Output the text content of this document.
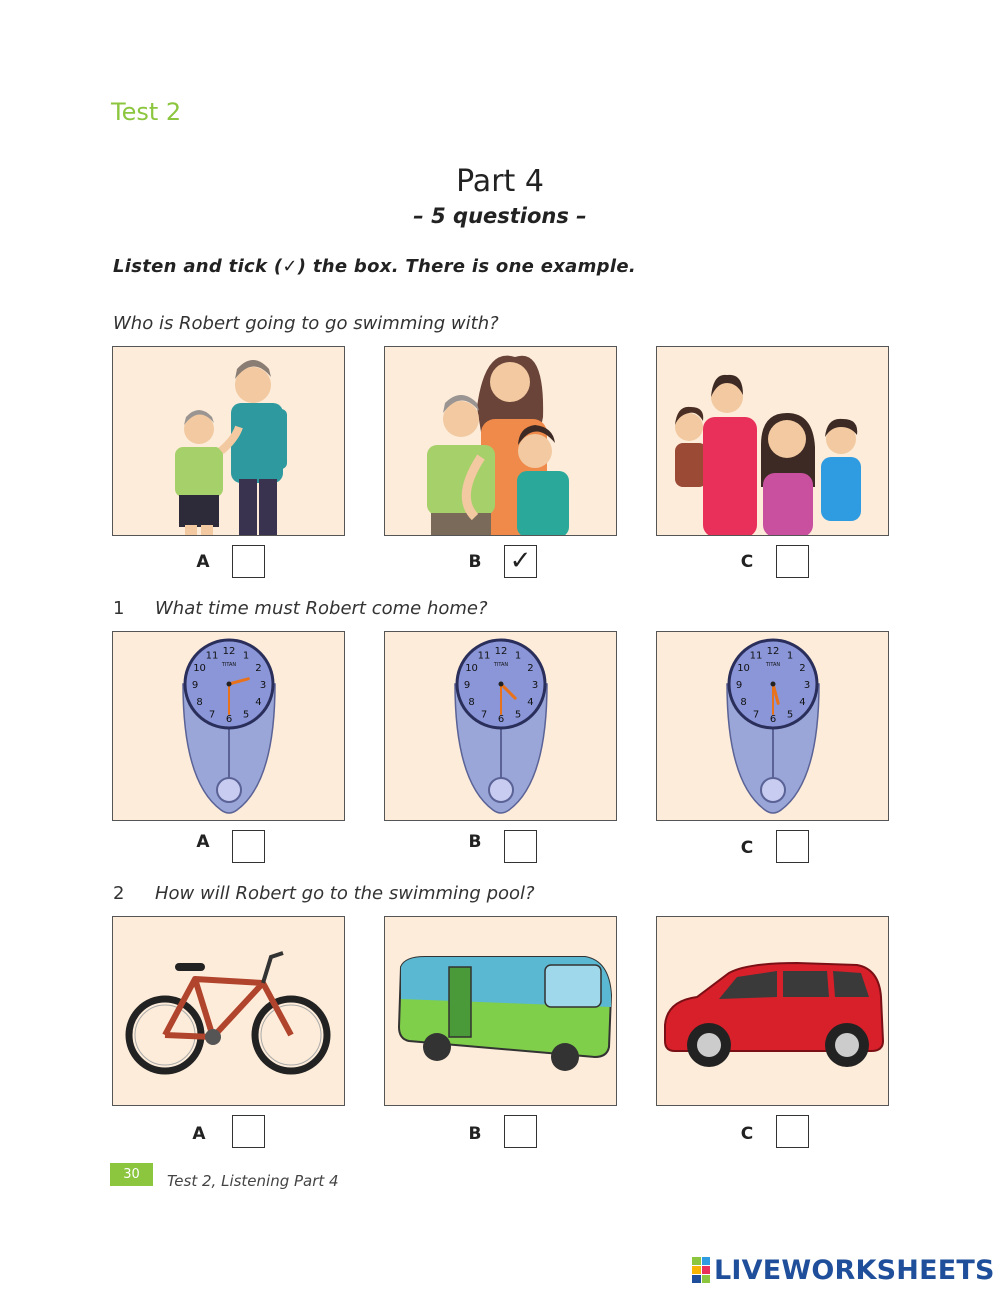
Test 2
Part 4
– 5 questions –
Listen and tick (✓) the box. There is one example.
Who is Robert going to go swimming with?
1 What time must Robert come home?
2 How will Robert go to the swimming pool?
12 1
2
3
4
5
6
7
8
9
10
11
TITAN
12 1
2
3
4
5
6
7
8
9
10
11
TITAN
12 1
2
3
4
5
6
7
8
9
10
11
TITAN
A	B ✓	C
A	B	C
A	B	C
30	Test 2, Listening Part 4
LIVEWORKSHEETS
